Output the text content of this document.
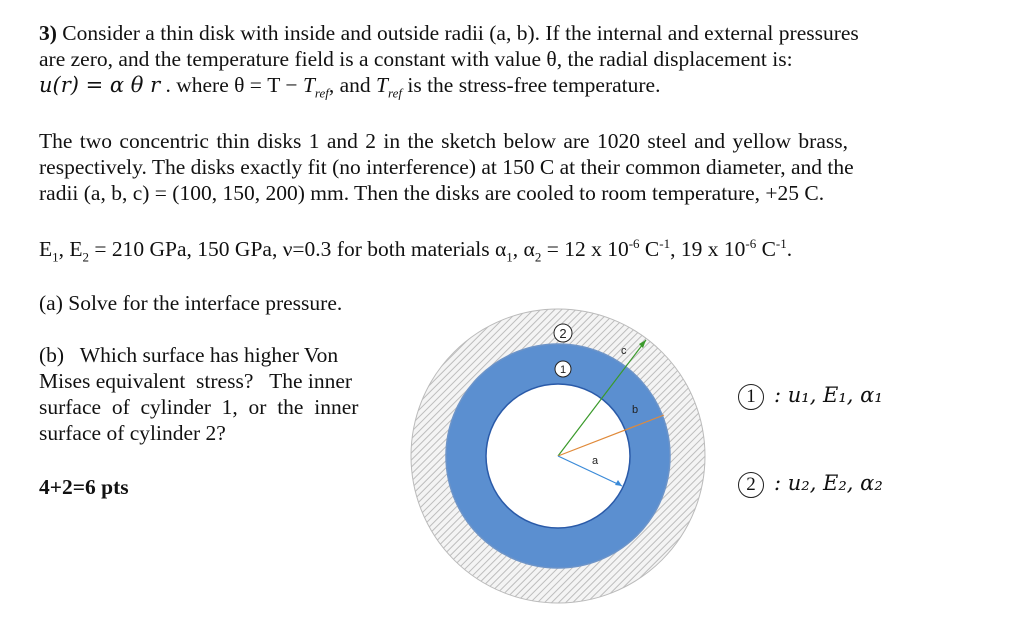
3) Consider a thin disk with inside and outside radii (a, b). If the internal and external pressures
are zero, and the temperature field is a constant with value θ, the radial displacement is:
u(r) = α θ r . where $\theta = T - T_{ref}$, and $T_{ref}$ is the stress-free temperature.
The two concentric thin disks 1 and 2 in the sketch below are 1020 steel and yellow brass,
respectively. The disks exactly fit (no interference) at 150 C at their common diameter, and the
radii (a, b, c) = (100, 150, 200) mm. Then the disks are cooled to room temperature, +25 C.
$E_1$, $E_2 = 210$ GPa, 150 GPa, ν=0.3 for both materials $\alpha_1$, $\alpha_2 = 12$ x $10^{-6}$ $C^{-1}$, 19 x $10^{-6}$ $C^{-1}$.
(a) Solve for the interface pressure.
(b)   Which surface has higher Von
Mises equivalent  stress?   The inner
surface  of  cylinder  1,  or  the  inner
surface of cylinder 2?
4+2=6 pts
2
1
c
b
a
1 : u₁, E₁, α₁
2 : u₂, E₂, α₂
